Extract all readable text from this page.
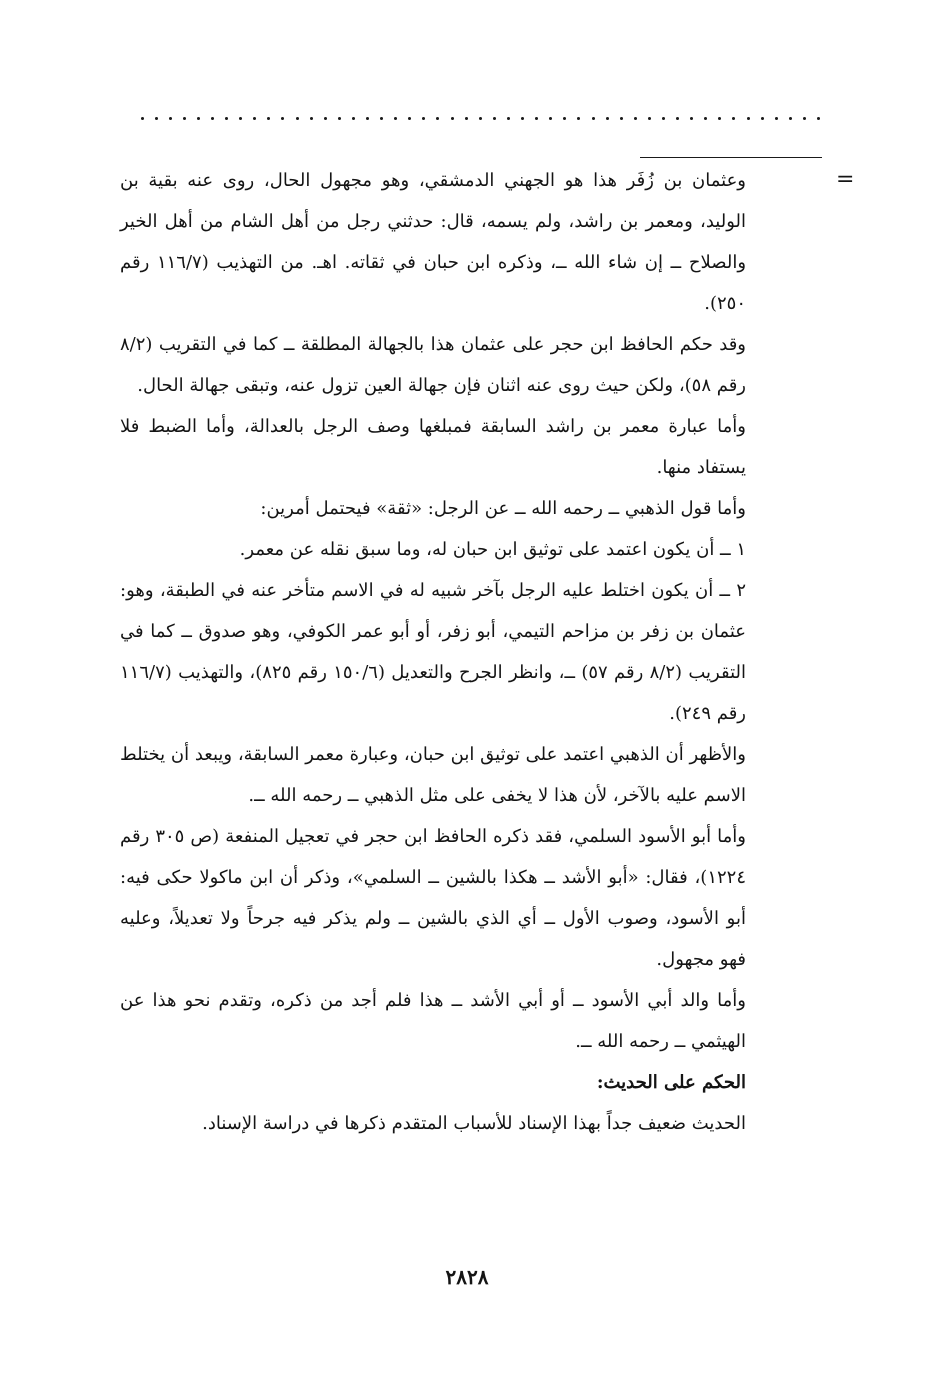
=

وعثمان بن زُفَر هذا هو الجهني الدمشقي، وهو مجهول الحال، روى عنه بقية بن الوليد، ومعمر بن راشد، ولم يسمه، قال: حدثني رجل من أهل الشام من أهل الخير والصلاح ــ إن شاء الله ــ، وذكره ابن حبان في ثقاته. اهـ. من التهذيب (١١٦/٧ رقم ٢٥٠).

وقد حكم الحافظ ابن حجر على عثمان هذا بالجهالة المطلقة ــ كما في التقريب (٨/٢ رقم ٥٨)، ولكن حيث روى عنه اثنان فإن جهالة العين تزول عنه، وتبقى جهالة الحال.

وأما عبارة معمر بن راشد السابقة فمبلغها وصف الرجل بالعدالة، وأما الضبط فلا يستفاد منها.

وأما قول الذهبي ــ رحمه الله ــ عن الرجل: «ثقة» فيحتمل أمرين:

١ ــ أن يكون اعتمد على توثيق ابن حبان له، وما سبق نقله عن معمر.

٢ ــ أن يكون اختلط عليه الرجل بآخر شبيه له في الاسم متأخر عنه في الطبقة، وهو: عثمان بن زفر بن مزاحم التيمي، أبو زفر، أو أبو عمر الكوفي، وهو صدوق ــ كما في التقريب (٨/٢ رقم ٥٧) ــ، وانظر الجرح والتعديل (١٥٠/٦ رقم ٨٢٥)، والتهذيب (١١٦/٧ رقم ٢٤٩).

والأظهر أن الذهبي اعتمد على توثيق ابن حبان، وعبارة معمر السابقة، ويبعد أن يختلط الاسم عليه بالآخر، لأن هذا لا يخفى على مثل الذهبي ــ رحمه الله ــ.

وأما أبو الأسود السلمي، فقد ذكره الحافظ ابن حجر في تعجيل المنفعة (ص ٣٠٥ رقم ١٢٢٤)، فقال: «أبو الأشد ــ هكذا بالشين ــ السلمي»، وذكر أن ابن ماكولا حكى فيه: أبو الأسود، وصوب الأول ــ أي الذي بالشين ــ ولم يذكر فيه جرحاً ولا تعديلاً، وعليه فهو مجهول.

وأما والد أبي الأسود ــ أو أبي الأشد ــ هذا فلم أجد من ذكره، وتقدم نحو هذا عن الهيثمي ــ رحمه الله ــ.

الحكم على الحديث:

الحديث ضعيف جداً بهذا الإسناد للأسباب المتقدم ذكرها في دراسة الإسناد.

٢٨٢٨
